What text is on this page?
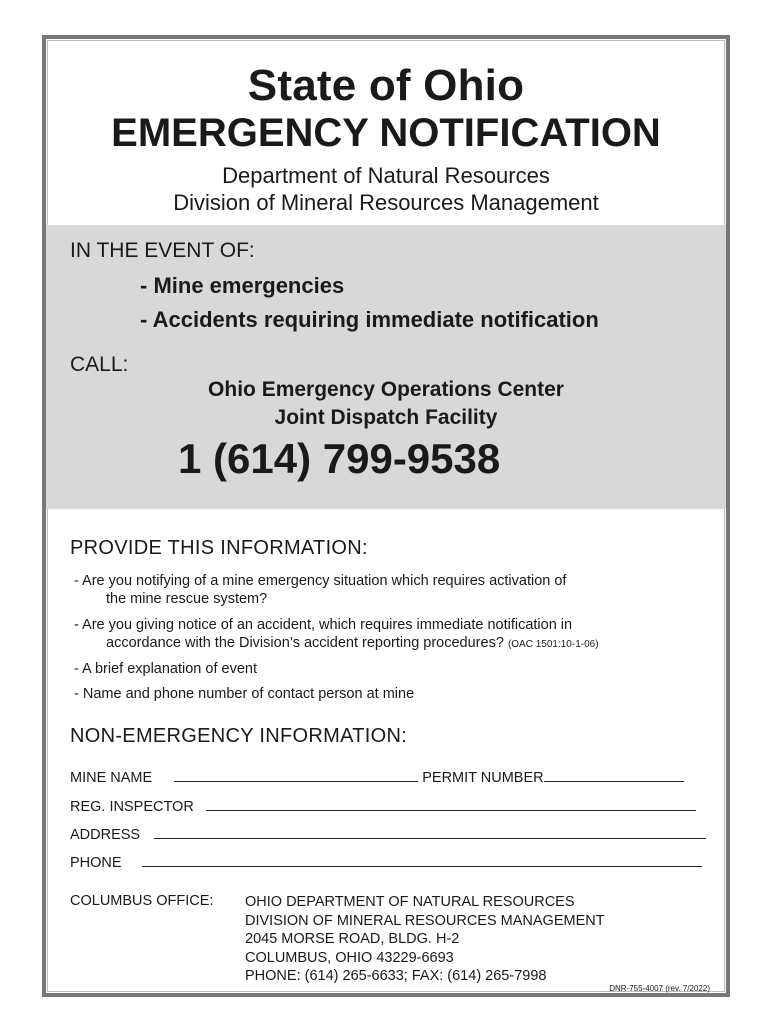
State of Ohio
EMERGENCY NOTIFICATION
Department of Natural Resources
Division of Mineral Resources Management
IN THE EVENT OF:
- Mine emergencies
- Accidents requiring immediate notification
CALL:
Ohio Emergency Operations Center
Joint Dispatch Facility
1 (614) 799-9538
PROVIDE THIS INFORMATION:
- Are you notifying of a mine emergency situation which requires activation of
the mine rescue system?
- Are you giving notice of an accident, which requires immediate notification in
accordance with the Division’s accident reporting procedures? (OAC 1501:10-1-06)
- A brief explanation of event
- Name and phone number of contact person at mine
NON-EMERGENCY INFORMATION:
MINE NAME	PERMIT NUMBER
REG. INSPECTOR
ADDRESS
PHONE
COLUMBUS OFFICE: OHIO DEPARTMENT OF NATURAL RESOURCES
DIVISION OF MINERAL RESOURCES MANAGEMENT
2045 MORSE ROAD, BLDG. H-2
COLUMBUS, OHIO 43229-6693
PHONE: (614) 265-6633; FAX: (614) 265-7998
DNR-755-4007 (rev. 7/2022)
